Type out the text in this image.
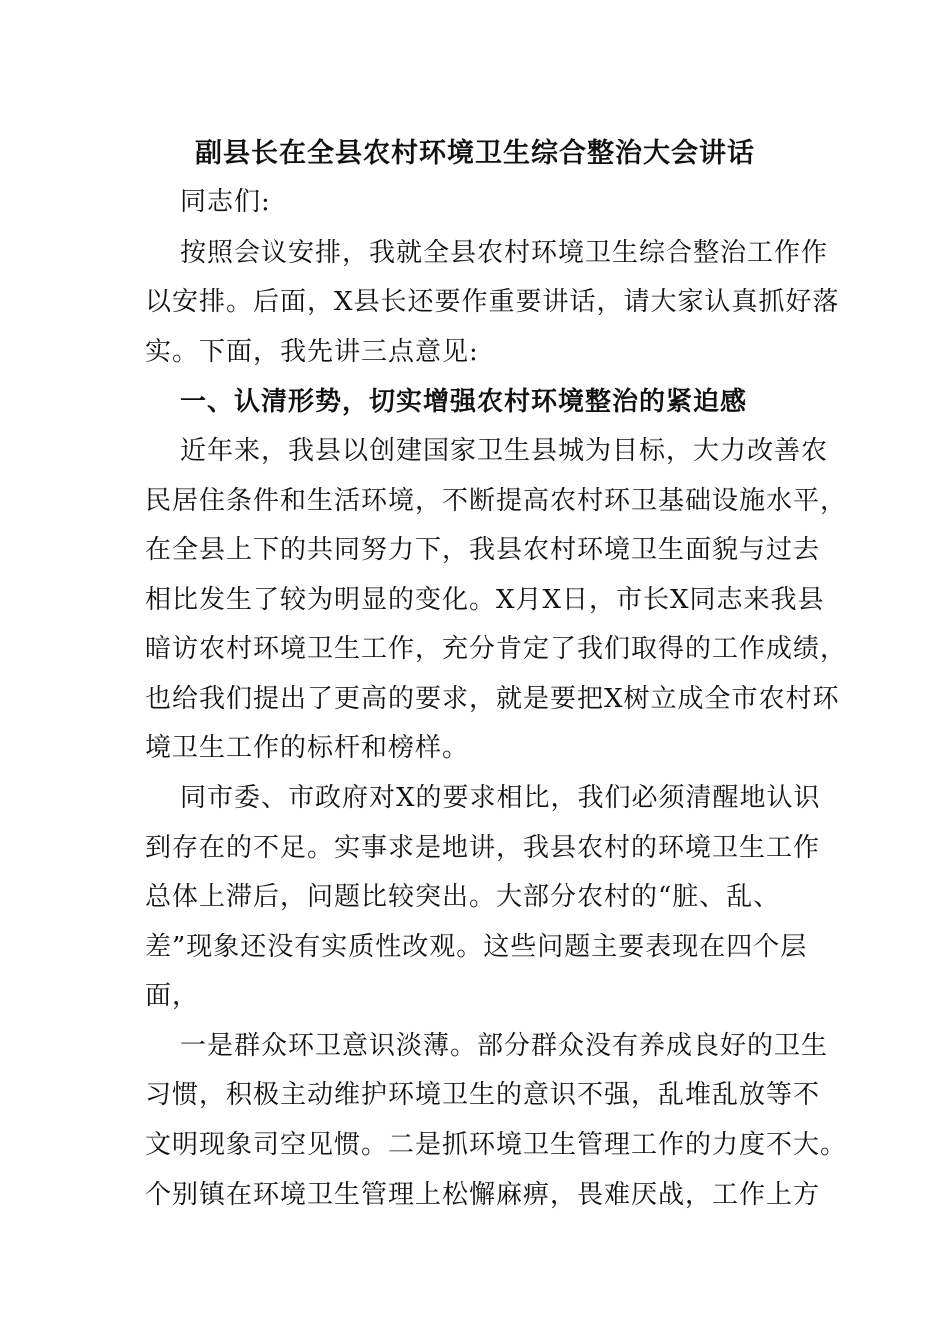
副县长在全县农村环境卫生综合整治大会讲话
同志们:
按照会议安排，我就全县农村环境卫生综合整治工作作
以安排。后面，X县长还要作重要讲话，请大家认真抓好落
实。下面，我先讲三点意见:
一、认清形势，切实增强农村环境整治的紧迫感
近年来，我县以创建国家卫生县城为目标，大力改善农
民居住条件和生活环境，不断提高农村环卫基础设施水平，
在全县上下的共同努力下，我县农村环境卫生面貌与过去
相比发生了较为明显的变化。X月X日，市长X同志来我县
暗访农村环境卫生工作，充分肯定了我们取得的工作成绩，
也给我们提出了更高的要求，就是要把X树立成全市农村环
境卫生工作的标杆和榜样。
同市委、市政府对X的要求相比，我们必须清醒地认识
到存在的不足。实事求是地讲，我县农村的环境卫生工作
总体上滞后，问题比较突出。大部分农村的“脏、乱、
差”现象还没有实质性改观。这些问题主要表现在四个层
面，
一是群众环卫意识淡薄。部分群众没有养成良好的卫生
习惯，积极主动维护环境卫生的意识不强，乱堆乱放等不
文明现象司空见惯。二是抓环境卫生管理工作的力度不大。
个别镇在环境卫生管理上松懈麻痹，畏难厌战，工作上方
